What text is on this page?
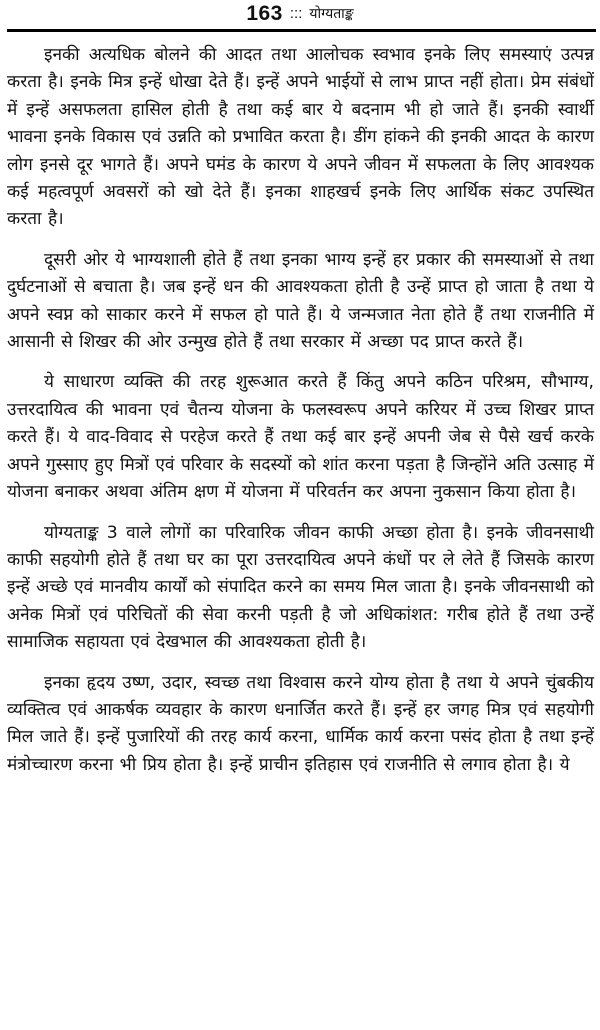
163 ::: योग्यताङ्क

इनकी अत्यधिक बोलने की आदत तथा आलोचक स्वभाव इनके लिए समस्याएं उत्पन्न करता है। इनके मित्र इन्हें धोखा देते हैं। इन्हें अपने भाईयों से लाभ प्राप्त नहीं होता। प्रेम संबंधों में इन्हें असफलता हासिल होती है तथा कई बार ये बदनाम भी हो जाते हैं। इनकी स्वार्थी भावना इनके विकास एवं उन्नति को प्रभावित करता है। डींग हांकने की इनकी आदत के कारण लोग इनसे दूर भागते हैं। अपने घमंड के कारण ये अपने जीवन में सफलता के लिए आवश्यक कई महत्वपूर्ण अवसरों को खो देते हैं। इनका शाहखर्च इनके लिए आर्थिक संकट उपस्थित करता है।

दूसरी ओर ये भाग्यशाली होते हैं तथा इनका भाग्य इन्हें हर प्रकार की समस्याओं से तथा दुर्घटनाओं से बचाता है। जब इन्हें धन की आवश्यकता होती है उन्हें प्राप्त हो जाता है तथा ये अपने स्वप्न को साकार करने में सफल हो पाते हैं। ये जन्मजात नेता होते हैं तथा राजनीति में आसानी से शिखर की ओर उन्मुख होते हैं तथा सरकार में अच्छा पद प्राप्त करते हैं।

ये साधारण व्यक्ति की तरह शुरूआत करते हैं किंतु अपने कठिन परिश्रम, सौभाग्य, उत्तरदायित्व की भावना एवं चैतन्य योजना के फलस्वरूप अपने करियर में उच्च शिखर प्राप्त करते हैं। ये वाद-विवाद से परहेज करते हैं तथा कई बार इन्हें अपनी जेब से पैसे खर्च करके अपने गुस्साए हुए मित्रों एवं परिवार के सदस्यों को शांत करना पड़ता है जिन्होंने अति उत्साह में योजना बनाकर अथवा अंतिम क्षण में योजना में परिवर्तन कर अपना नुकसान किया होता है।

योग्यताङ्क 3 वाले लोगों का परिवारिक जीवन काफी अच्छा होता है। इनके जीवनसाथी काफी सहयोगी होते हैं तथा घर का पूरा उत्तरदायित्व अपने कंधों पर ले लेते हैं जिसके कारण इन्हें अच्छे एवं मानवीय कार्यों को संपादित करने का समय मिल जाता है। इनके जीवनसाथी को अनेक मित्रों एवं परिचितों की सेवा करनी पड़ती है जो अधिकांशत: गरीब होते हैं तथा उन्हें सामाजिक सहायता एवं देखभाल की आवश्यकता होती है।

इनका हृदय उष्ण, उदार, स्वच्छ तथा विश्वास करने योग्य होता है तथा ये अपने चुंबकीय व्यक्तित्व एवं आकर्षक व्यवहार के कारण धनार्जित करते हैं। इन्हें हर जगह मित्र एवं सहयोगी मिल जाते हैं। इन्हें पुजारियों की तरह कार्य करना, धार्मिक कार्य करना पसंद होता है तथा इन्हें मंत्रोच्चारण करना भी प्रिय होता है। इन्हें प्राचीन इतिहास एवं राजनीति से लगाव होता है। ये
